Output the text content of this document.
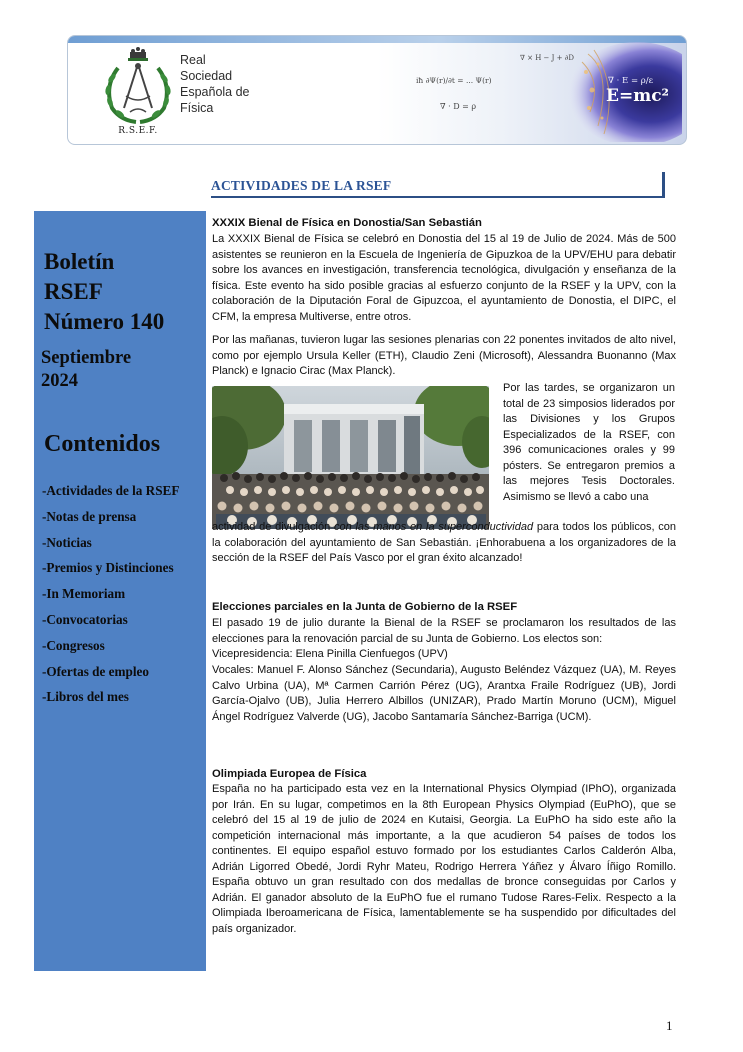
R.S.E.F.
Real
Sociedad
Española de
Física
∇ × H − J + ∂D
iħ ∂Ψ(r)/∂t = ... Ψ(r)
∇ · D = ρ
∇ · E = ρ/ε
E=mc²
ACTIVIDADES DE LA RSEF
Boletín
RSEF
Número 140
Septiembre
2024
Contenidos
-Actividades de la RSEF
-Notas de prensa
-Noticias
-Premios y Distinciones
-In Memoriam
-Convocatorias
-Congresos
-Ofertas de empleo
-Libros del mes
XXXIX Bienal de Física en Donostia/San Sebastián
La XXXIX Bienal de Física se celebró en Donostia del 15 al 19 de Julio de 2024. Más de 500 asistentes se reunieron en la Escuela de Ingeniería de Gipuzkoa de la UPV/EHU para debatir sobre los avances en investigación, transferencia tecnológica, divulgación y enseñanza de la física. Este evento ha sido posible gracias al esfuerzo conjunto de la RSEF y la UPV, con la colaboración de la Diputación Foral de Gipuzcoa, el ayuntamiento de Donostia, el DIPC, el CFM, la empresa Multiverse, entre otros.
Por las mañanas, tuvieron lugar las sesiones plenarias con 22 ponentes invitados de alto nivel, como por ejemplo Ursula Keller (ETH), Claudio Zeni (Microsoft), Alessandra Buonanno (Max Planck) e Ignacio Cirac (Max Planck).
Por las tardes, se organizaron un total de 23 simposios liderados por las Divisiones y los Grupos Especializados de la RSEF, con 396 comunicaciones orales y 99 pósters. Se entregaron premios a las mejores Tesis Doctorales. Asimismo se llevó a cabo una
actividad de divulgación con las manos en la superconductividad para todos los públicos, con la colaboración del ayuntamiento de San Sebastián. ¡Enhorabuena a los organizadores de la sección de la RSEF del País Vasco por el gran éxito alcanzado!
Elecciones parciales en la Junta de Gobierno de la RSEF
El pasado 19 de julio durante la Bienal de la RSEF se proclamaron los resultados de las elecciones para la renovación parcial de su Junta de Gobierno. Los electos son:
Vicepresidencia: Elena Pinilla Cienfuegos (UPV)
Vocales: Manuel F. Alonso Sánchez (Secundaria), Augusto Beléndez Vázquez (UA), M. Reyes Calvo Urbina (UA), Mª Carmen Carrión Pérez (UG), Arantxa Fraile Rodríguez (UB), Jordi García-Ojalvo (UB), Julia Herrero Albillos (UNIZAR), Prado Martín Moruno (UCM), Miguel Ángel Rodríguez Valverde (UG), Jacobo Santamaría Sánchez-Barriga (UCM).
Olimpiada Europea de Física
España no ha participado esta vez en la International Physics Olympiad (IPhO), organizada por Irán. En su lugar, competimos en la 8th European Physics Olympiad (EuPhO), que se celebró del 15 al 19 de julio de 2024 en Kutaisi, Georgia. La EuPhO ha sido este año la competición internacional más importante, a la que acudieron 54 países de todos los continentes. El equipo español estuvo formado por los estudiantes Carlos Calderón Alba, Adrián Ligorred Obedé, Jordi Ryhr Mateu, Rodrigo Herrera Yáñez y Álvaro Íñigo Romillo. España obtuvo un gran resultado con dos medallas de bronce conseguidas por Carlos y Adrián. El ganador absoluto de la EuPhO fue el rumano Tudose Rares-Felix. Respecto a la Olimpiada Iberoamericana de Física, lamentablemente se ha suspendido por dificultades del país organizador.
1
